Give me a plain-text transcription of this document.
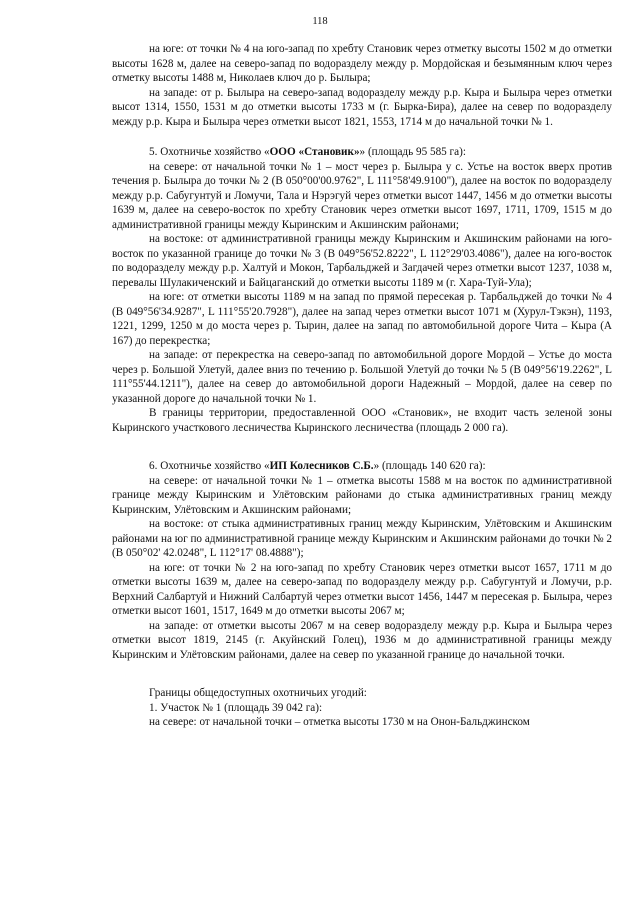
118

на юге: от точки № 4 на юго-запад по хребту Становик через отметку высоты 1502 м до отметки высоты 1628 м, далее на северо-запад по водоразделу между р. Мордойская и безымянным ключ через отметку высоты 1488 м, Николаев ключ до р. Былыра;

на западе: от р. Былыра на северо-запад водоразделу между р.р. Кыра и Былыра через отметки высот 1314, 1550, 1531 м до отметки высоты 1733 м (г. Бырка-Бира), далее на север по водоразделу между р.р. Кыра и Былыра через отметки высот 1821, 1553, 1714 м до начальной точки № 1.

5. Охотничье хозяйство «ООО «Становик»» (площадь 95 585 га):

на севере: от начальной точки № 1 – мост через р. Былыра у с. Устье на восток вверх против течения р. Былыра до точки № 2 (В 050°00'00.9762", L 111°58'49.9100"), далее на восток по водоразделу между р.р. Сабугунтуй и Ломучи, Тала и Нэрэгуй через отметки высот 1447, 1456 м до отметки высоты 1639 м, далее на северо-восток по хребту Становик через отметки высот 1697, 1711, 1709, 1515 м до административной границы между Кыринским и Акшинским районами;

на востоке: от административной границы между Кыринским и Акшинским районами на юго-восток по указанной границе до точки № 3 (В 049°56'52.8222", L 112°29'03.4086"), далее на юго-восток по водоразделу между р.р. Халтуй и Мокон, Тарбальджей и Загдачей через отметки высот 1237, 1038 м, перевалы Шулакиченский и Байцаганский до отметки высоты 1189 м (г. Хара-Туй-Ула);

на юге: от отметки высоты 1189 м на запад по прямой пересекая р. Тарбальджей до точки № 4 (В 049°56'34.9287", L 111°55'20.7928"), далее на запад через отметки высот 1071 м (Хурул-Тэкэн), 1193, 1221, 1299, 1250 м до моста через р. Тырин, далее на запад по автомобильной дороге Чита – Кыра (А 167) до перекрестка;

на западе: от перекрестка на северо-запад по автомобильной дороге Мордой – Устье до моста через р. Большой Улетуй, далее вниз по течению р. Большой Улетуй до точки № 5 (В 049°56'19.2262", L 111°55'44.1211"), далее на север до автомобильной дороги Надежный – Мордой, далее на север по указанной дороге до начальной точки № 1.

В границы территории, предоставленной ООО «Становик», не входит часть зеленой зоны Кыринского участкового лесничества Кыринского лесничества (площадь 2 000 га).

6. Охотничье хозяйство «ИП Колесников С.Б.» (площадь 140 620 га):

на севере: от начальной точки № 1 – отметка высоты 1588 м на восток по административной границе между Кыринским и Улётовским районами до стыка административных границ между Кыринским, Улётовским и Акшинским районами;

на востоке: от стыка административных границ между Кыринским, Улётовским и Акшинским районами на юг по административной границе между Кыринским и Акшинским районами до точки № 2 (В 050°02' 42.0248", L 112°17' 08.4888");

на юге: от точки № 2 на юго-запад по хребту Становик через отметки высот 1657, 1711 м до отметки высоты 1639 м, далее на северо-запад по водоразделу между р.р. Сабугунтуй и Ломучи, р.р. Верхний Салбартуй и Нижний Салбартуй через отметки высот 1456, 1447 м пересекая р. Былыра, через отметки высот 1601, 1517, 1649 м до отметки высоты 2067 м;

на западе: от отметки высоты 2067 м на север водоразделу между р.р. Кыра и Былыра через отметки высот 1819, 2145 (г. Акуйнский Голец), 1936 м до административной границы между Кыринским и Улётовским районами, далее на север по указанной границе до начальной точки.

Границы общедоступных охотничьих угодий:

1. Участок № 1 (площадь 39 042 га):

на севере: от начальной точки – отметка высоты 1730 м на Онон-Бальджинском
